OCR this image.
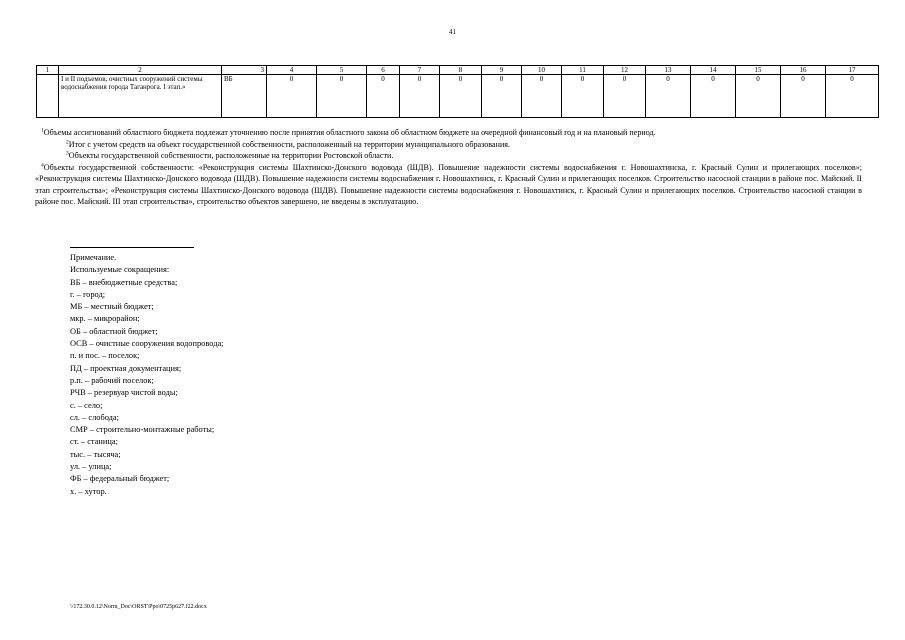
41
1	2	3	4	5	6	7	8	9	10	11	12	13	14	15	16	17
	I и II подъемов, очистных сооружений системы водоснабжения города Таганрога. I этап.»	ВБ	0	0	0	0	0	0	0	0	0	0	0	0	0	0

$^1$Объемы ассигнований областного бюджета подлежат уточнению после принятия областного закона об областном бюджете на очередной финансовый год и на плановый период.

$^2$Итог с учетом средств на объект государственной собственности, расположенный на территории муниципального образования.

$^3$Объекты государственной собственности, расположенные на территории Ростовской области.

$^4$Объекты государственной собственности: «Реконструкция системы Шахтинско-Донского водовода (ШДВ). Повышение надежности системы водоснабжения г. Новошахтинска, г. Красный Сулин и прилегающих поселков»; «Реконструкция системы Шахтинско-Донского водовода (ШДВ). Повышение надежности системы водоснабжения г. Новошахтинск, г. Красный Сулин и прилегающих поселков. Строительство насосной станции в районе пос. Майский. II этап строительства»; «Реконструкция системы Шахтинско-Донского водовода (ШДВ). Повышение надежности системы водоснабжения г. Новошахтинск, г. Красный Сулин и прилегающих поселков. Строительство насосной станции в районе пос. Майский. III этап строительства», строительство объектов завершено, не введены в эксплуатацию.

Примечание.
Используемые сокращения:
ВБ – внебюджетные средства;
г. – город;
МБ – местный бюджет;
мкр. – микрорайон;
ОБ – областной бюджет;
ОСВ – очистные сооружения водопровода;
п. и пос. – поселок;
ПД – проектная документация;
р.п. – рабочий поселок;
РЧВ – резервуар чистой воды;
с. – село;
сл. – слобода;
СМР – строительно-монтажные работы;
ст. – станица;
тыс. – тысяча;
ул. – улица;
ФБ – федеральный бюджет;
х. – хутор.
\\172.30.0.12\Norm_Doc\ORST\Ppo\0725p627.f22.docx
